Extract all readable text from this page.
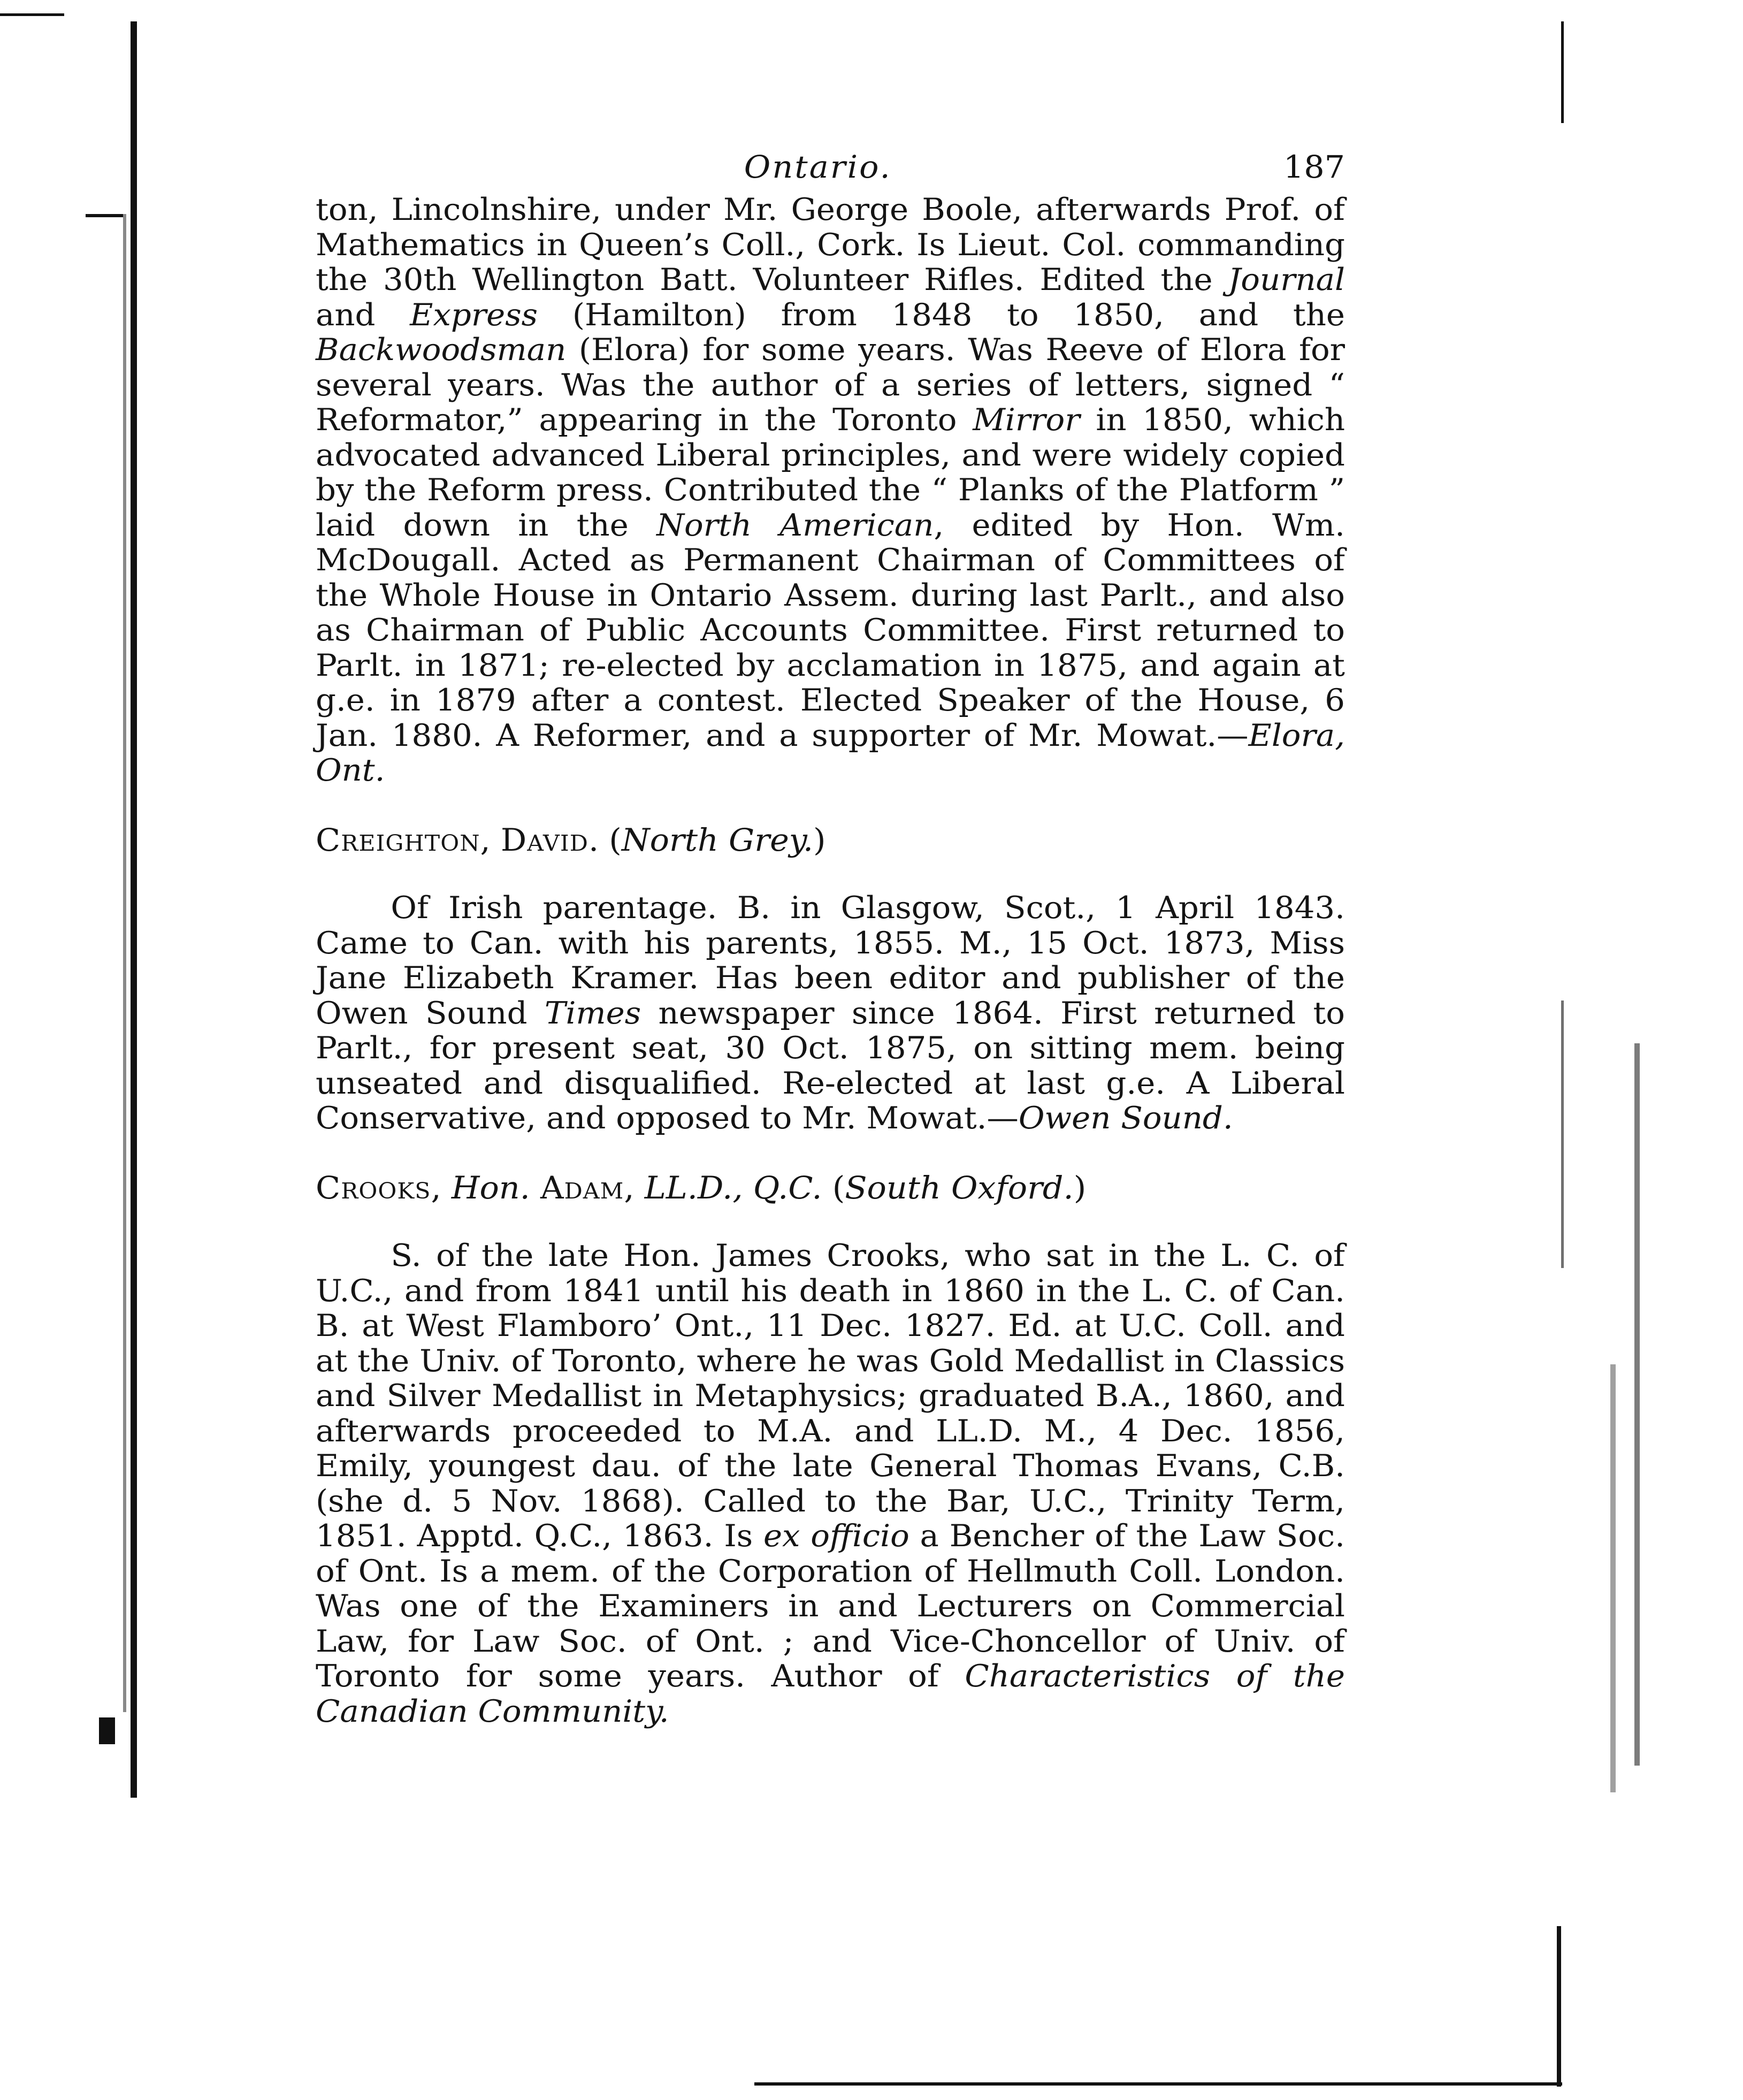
Ontario.	187

ton, Lincolnshire, under Mr. George Boole, afterwards Prof. of Mathematics in Queen’s Coll., Cork. Is Lieut. Col. commanding the 30th Wellington Batt. Volunteer Rifles. Edited the Journal and Express (Hamilton) from 1848 to 1850, and the Backwoodsman (Elora) for some years. Was Reeve of Elora for several years. Was the author of a series of letters, signed “ Reformator,” appearing in the Toronto Mirror in 1850, which advocated advanced Liberal principles, and were widely copied by the Reform press. Contributed the “ Planks of the Platform ” laid down in the North American, edited by Hon. Wm. McDougall. Acted as Permanent Chairman of Committees of the Whole House in Ontario Assem. during last Parlt., and also as Chairman of Public Accounts Committee. First returned to Parlt. in 1871; re-elected by acclamation in 1875, and again at g.e. in 1879 after a contest. Elected Speaker of the House, 6 Jan. 1880. A Reformer, and a supporter of Mr. Mowat.—Elora, Ont.

Creighton, David. (North Grey.)

Of Irish parentage. B. in Glasgow, Scot., 1 April 1843. Came to Can. with his parents, 1855. M., 15 Oct. 1873, Miss Jane Elizabeth Kramer. Has been editor and publisher of the Owen Sound Times newspaper since 1864. First returned to Parlt., for present seat, 30 Oct. 1875, on sitting mem. being unseated and disqualified. Re-elected at last g.e. A Liberal Conservative, and opposed to Mr. Mowat.—Owen Sound.

Crooks, Hon. Adam, LL.D., Q.C. (South Oxford.)

S. of the late Hon. James Crooks, who sat in the L. C. of U.C., and from 1841 until his death in 1860 in the L. C. of Can. B. at West Flamboro’ Ont., 11 Dec. 1827. Ed. at U.C. Coll. and at the Univ. of Toronto, where he was Gold Medallist in Classics and Silver Medallist in Metaphysics; graduated B.A., 1860, and afterwards proceeded to M.A. and LL.D. M., 4 Dec. 1856, Emily, youngest dau. of the late General Thomas Evans, C.B. (she d. 5 Nov. 1868). Called to the Bar, U.C., Trinity Term, 1851. Apptd. Q.C., 1863. Is ex officio a Bencher of the Law Soc. of Ont. Is a mem. of the Corporation of Hellmuth Coll. London. Was one of the Examiners in and Lecturers on Commercial Law, for Law Soc. of Ont. ; and Vice-Choncellor of Univ. of Toronto for some years. Author of Characteristics of the Canadian Community.
